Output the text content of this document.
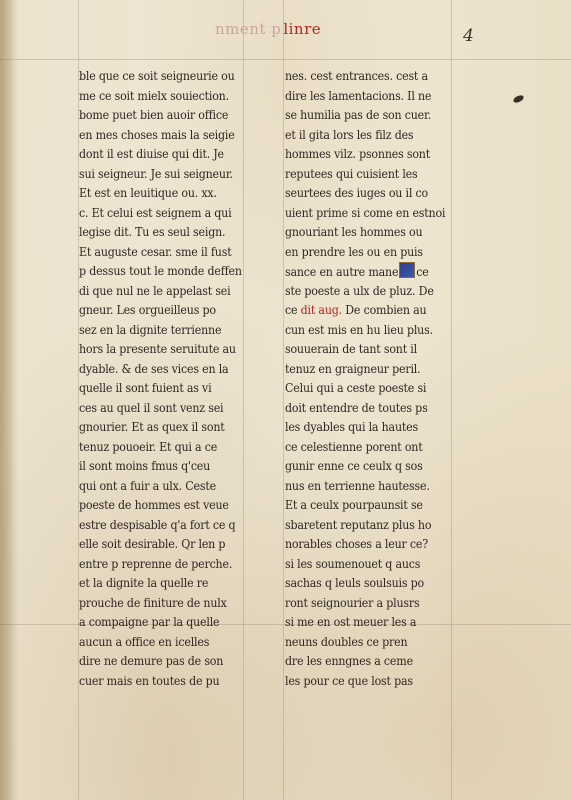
nment p linre	4
ble que ce soit seigneurie ou
me ce soit mielx souiection.
bome puet bien auoir office
en mes choses mais la seigie
dont il est diuise qui dit. Je
sui seigneur. Je sui seigneur.
Et est en leuitique ou. xx.
c. Et celui est seignem a qui
legise dit. Tu es seul seign.
Et auguste cesar. sme il fust
p dessus tout le monde deffen
di que nul ne le appelast sei
gneur. Les orgueilleus po
sez en la dignite terrienne
hors la presente seruitute au
dyable. & de ses vices en la
quelle il sont fuient as vi
ces au quel il sont venz sei
gnourier. Et as quex il sont
tenuz pouoeir. Et qui a ce
il sont moins fmus q'ceu
qui ont a fuir a ulx. Ceste
poeste de hommes est veue
estre despisable q'a fort ce q
elle soit desirable. Qr len p
entre p reprenne de perche.
et la dignite la quelle re
prouche de finiture de nulx
a compaigne par la quelle
aucun a office en icelles
dire ne demure pas de son
cuer mais en toutes de pu
nes. cest entrances. cest a
dire les lamentacions. Il ne
se humilia pas de son cuer.
et il gita lors les filz des
hommes vilz. psonnes sont
reputees qui cuisient les
seurtees des iuges ou il co
uient prime si come en estnoi
gnouriant les hommes ou
en prendre les ou en puis
sance en autre mane ce
ste poeste a ulx de pluz. De
ce dit aug. De combien au
cun est mis en hu lieu plus.
souuerain de tant sont il
tenuz en graigneur peril.
Celui qui a ceste poeste si
doit entendre de toutes ps
les dyables qui la hautes
ce celestienne porent ont
gunir enne ce ceulx q sos
nus en terrienne hautesse.
Et a ceulx pourpaunsit se
sbaretent reputanz plus ho
norables choses a leur ce?
si les soumenouet q aucs
sachas q leuls soulsuis po
ront seignourier a plusrs
si me en ost meuer les a
neuns doubles ce pren
dre les enngnes a ceme
les pour ce que lost pas
